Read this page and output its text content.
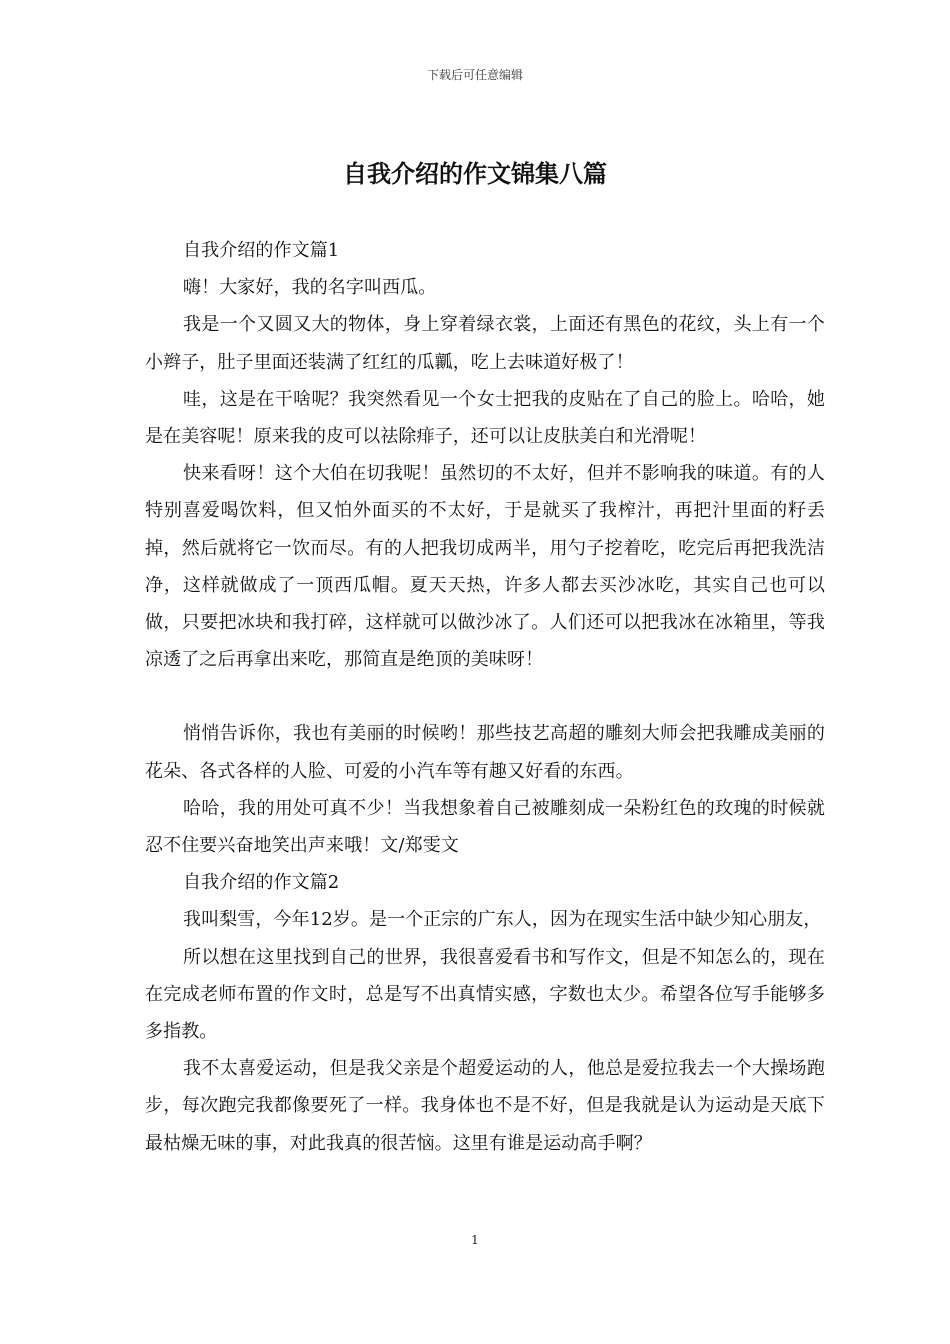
下载后可任意编辑
自我介绍的作文锦集八篇

自我介绍的作文篇1

嗨！大家好，我的名字叫西瓜。

我是一个又圆又大的物体，身上穿着绿衣裳，上面还有黑色的花纹，头上有一个小辫子，肚子里面还装满了红红的瓜瓤，吃上去味道好极了！

哇，这是在干啥呢？我突然看见一个女士把我的皮贴在了自己的脸上。哈哈，她是在美容呢！原来我的皮可以祛除痱子，还可以让皮肤美白和光滑呢！

快来看呀！这个大伯在切我呢！虽然切的不太好，但并不影响我的味道。有的人特别喜爱喝饮料，但又怕外面买的不太好，于是就买了我榨汁，再把汁里面的籽丢掉，然后就将它一饮而尽。有的人把我切成两半，用勺子挖着吃，吃完后再把我洗洁净，这样就做成了一顶西瓜帽。夏天天热，许多人都去买沙冰吃，其实自己也可以做，只要把冰块和我打碎，这样就可以做沙冰了。人们还可以把我冰在冰箱里，等我凉透了之后再拿出来吃，那简直是绝顶的美味呀！

悄悄告诉你，我也有美丽的时候哟！那些技艺高超的雕刻大师会把我雕成美丽的花朵、各式各样的人脸、可爱的小汽车等有趣又好看的东西。

哈哈，我的用处可真不少！当我想象着自己被雕刻成一朵粉红色的玫瑰的时候就忍不住要兴奋地笑出声来哦！文/郑雯文

自我介绍的作文篇2

我叫梨雪，今年12岁。是一个正宗的广东人，因为在现实生活中缺少知心朋友，

所以想在这里找到自己的世界，我很喜爱看书和写作文，但是不知怎么的，现在在完成老师布置的作文时，总是写不出真情实感，字数也太少。希望各位写手能够多多指教。

我不太喜爱运动，但是我父亲是个超爱运动的人，他总是爱拉我去一个大操场跑步，每次跑完我都像要死了一样。我身体也不是不好，但是我就是认为运动是天底下最枯燥无味的事，对此我真的很苦恼。这里有谁是运动高手啊？

1
